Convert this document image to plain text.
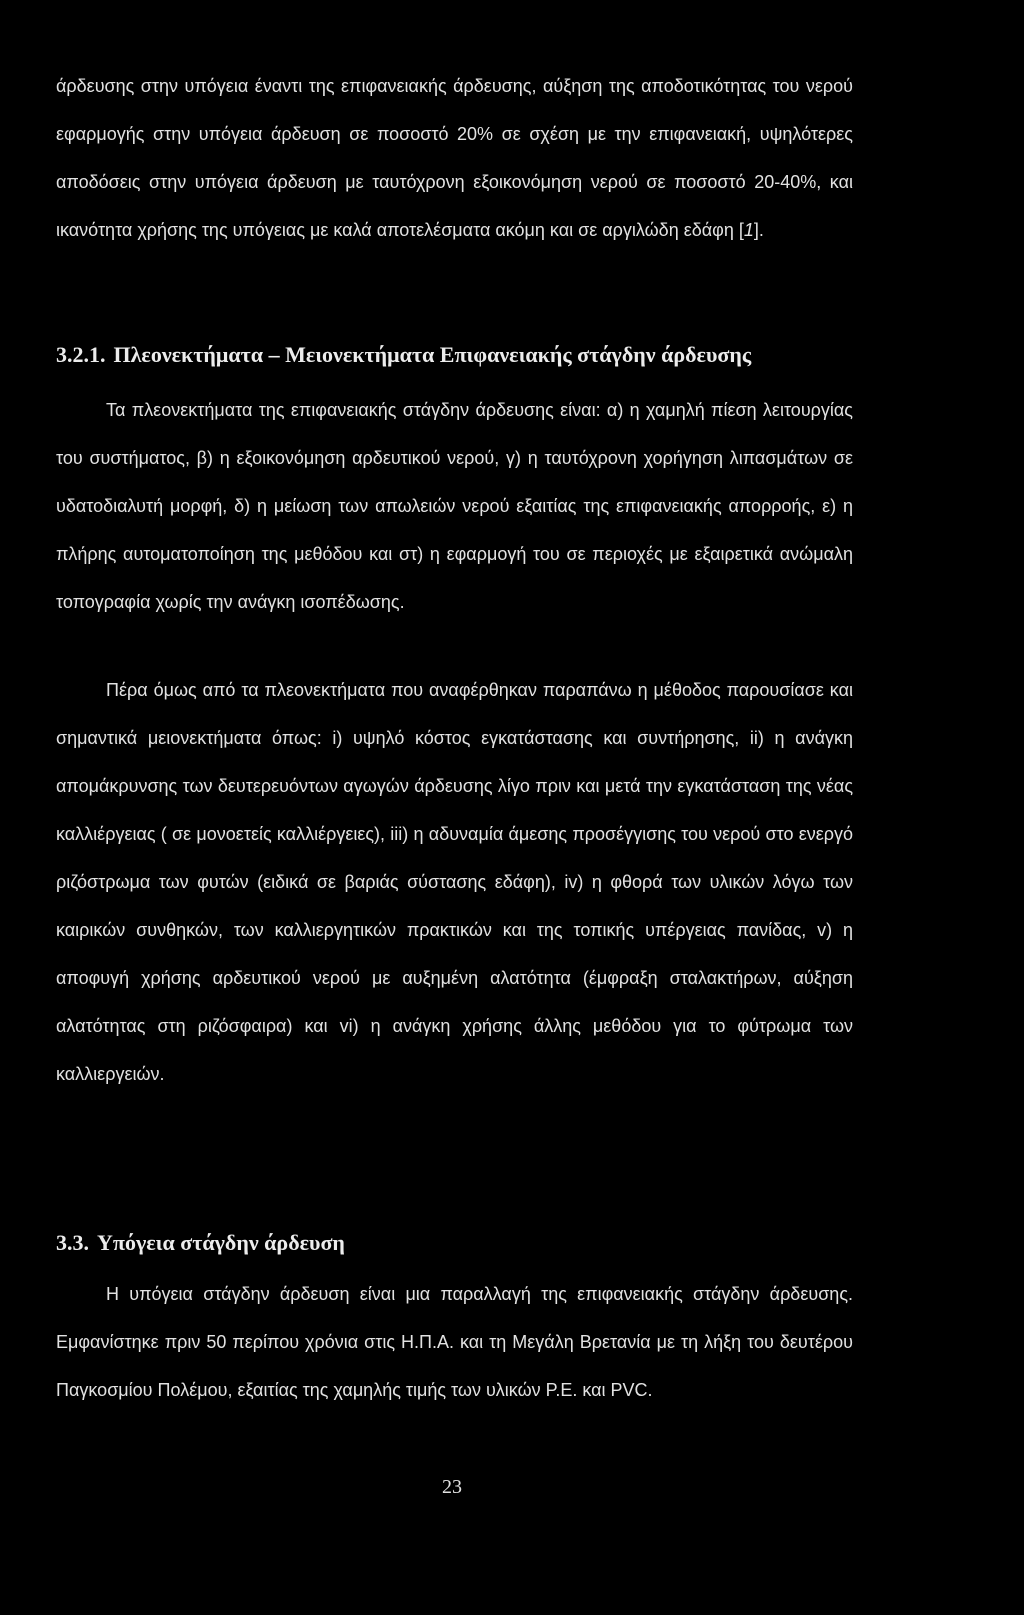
άρδευσης στην υπόγεια έναντι της επιφανειακής άρδευσης, αύξηση της αποδοτικότητας του νερού εφαρμογής στην υπόγεια άρδευση σε ποσοστό 20% σε σχέση με την επιφανειακή, υψηλότερες αποδόσεις στην υπόγεια άρδευση με ταυτόχρονη εξοικονόμηση νερού σε ποσοστό 20-40%, και ικανότητα χρήσης της υπόγειας με καλά αποτελέσματα ακόμη και σε αργιλώδη εδάφη [1].
3.2.1. Πλεονεκτήματα – Μειονεκτήματα Επιφανειακής στάγδην άρδευσης
Τα πλεονεκτήματα της επιφανειακής στάγδην άρδευσης είναι: α) η χαμηλή πίεση λειτουργίας του συστήματος, β) η εξοικονόμηση αρδευτικού νερού, γ) η ταυτόχρονη χορήγηση λιπασμάτων σε υδατοδιαλυτή μορφή, δ) η μείωση των απωλειών νερού εξαιτίας της επιφανειακής απορροής, ε) η πλήρης αυτοματοποίηση της μεθόδου και στ) η εφαρμογή του σε περιοχές με εξαιρετικά ανώμαλη τοπογραφία χωρίς την ανάγκη ισοπέδωσης.
Πέρα όμως από τα πλεονεκτήματα που αναφέρθηκαν παραπάνω η μέθοδος παρουσίασε και σημαντικά μειονεκτήματα όπως: i) υψηλό κόστος εγκατάστασης και συντήρησης, ii) η ανάγκη απομάκρυνσης των δευτερευόντων αγωγών άρδευσης λίγο πριν και μετά την εγκατάσταση της νέας καλλιέργειας ( σε μονοετείς καλλιέργειες), iii) η αδυναμία άμεσης προσέγγισης του νερού στο ενεργό ριζόστρωμα των φυτών (ειδικά σε βαριάς σύστασης εδάφη), iv) η φθορά των υλικών λόγω των καιρικών συνθηκών, των καλλιεργητικών πρακτικών και της τοπικής υπέργειας πανίδας, v) η αποφυγή χρήσης αρδευτικού νερού με αυξημένη αλατότητα (έμφραξη σταλακτήρων, αύξηση αλατότητας στη ριζόσφαιρα) και vi) η ανάγκη χρήσης άλλης μεθόδου για το φύτρωμα των καλλιεργειών.
3.3. Υπόγεια στάγδην άρδευση
Η υπόγεια στάγδην άρδευση είναι μια παραλλαγή της επιφανειακής στάγδην άρδευσης. Εμφανίστηκε πριν 50 περίπου χρόνια στις Η.Π.Α. και τη Μεγάλη Βρετανία με τη λήξη του δευτέρου Παγκοσμίου Πολέμου, εξαιτίας της χαμηλής τιμής των υλικών Ρ.Ε. και PVC.
23
